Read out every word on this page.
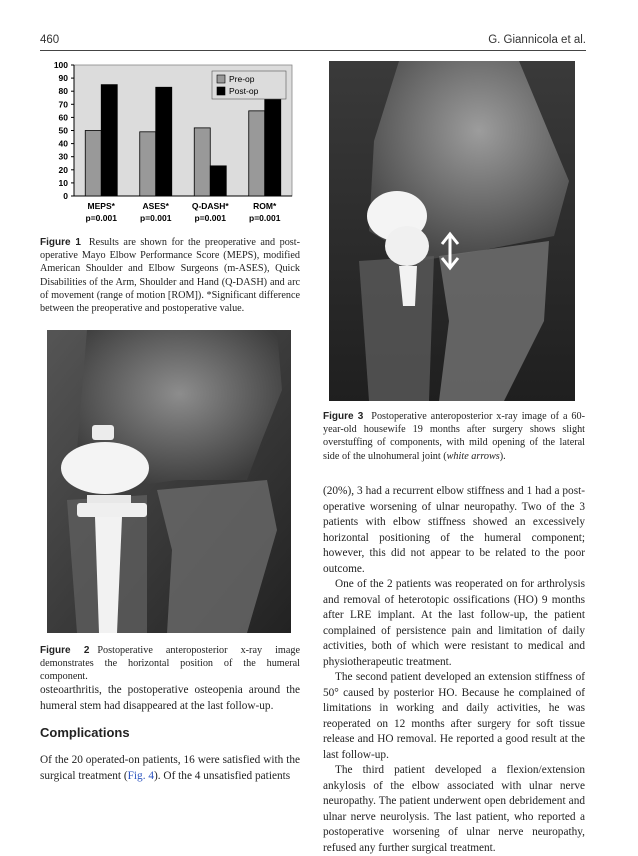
460	G. Giannicola et al.
0
10
20
30
40
50
60
70
80
90
100
MEPS*
p=0.001
ASES*
p=0.001
Q-DASH*
p=0.001
ROM*
p=0.001
Pre-op
Post-op
Figure 1 Results are shown for the preoperative and post-operative Mayo Elbow Performance Score (MEPS), modified American Shoulder and Elbow Surgeons (m-ASES), Quick Disabilities of the Arm, Shoulder and Hand (Q-DASH) and arc of movement (range of motion [ROM]). *Significant difference between the preoperative and postoperative value.
Figure 2 Postoperative anteroposterior x-ray image demonstrates the horizontal position of the humeral component.

osteoarthritis, the postoperative osteopenia around the humeral stem had disappeared at the last follow-up.

Complications

Of the 20 operated-on patients, 16 were satisfied with the surgical treatment (Fig. 4). Of the 4 unsatisfied patients

Figure 3 Postoperative anteroposterior x-ray image of a 60-year-old housewife 19 months after surgery shows slight overstuffing of components, with mild opening of the lateral side of the ulnohumeral joint (white arrows).

(20%), 3 had a recurrent elbow stiffness and 1 had a post-operative worsening of ulnar neuropathy. Two of the 3 patients with elbow stiffness showed an excessively horizontal positioning of the humeral component; however, this did not appear to be related to the poor outcome.

One of the 2 patients was reoperated on for arthrolysis and removal of heterotopic ossifications (HO) 9 months after LRE implant. At the last follow-up, the patient complained of persistence pain and limitation of daily activities, both of which were resistant to medical and physiotherapeutic treatment.

The second patient developed an extension stiffness of 50° caused by posterior HO. Because he complained of limitations in working and daily activities, he was reoperated on 12 months after surgery for soft tissue release and HO removal. He reported a good result at the last follow-up.

The third patient developed a flexion/extension ankylosis of the elbow associated with ulnar nerve neuropathy. The patient underwent open debridement and ulnar nerve neurolysis. The last patient, who reported a postoperative worsening of ulnar nerve neuropathy, refused any further surgical treatment.
